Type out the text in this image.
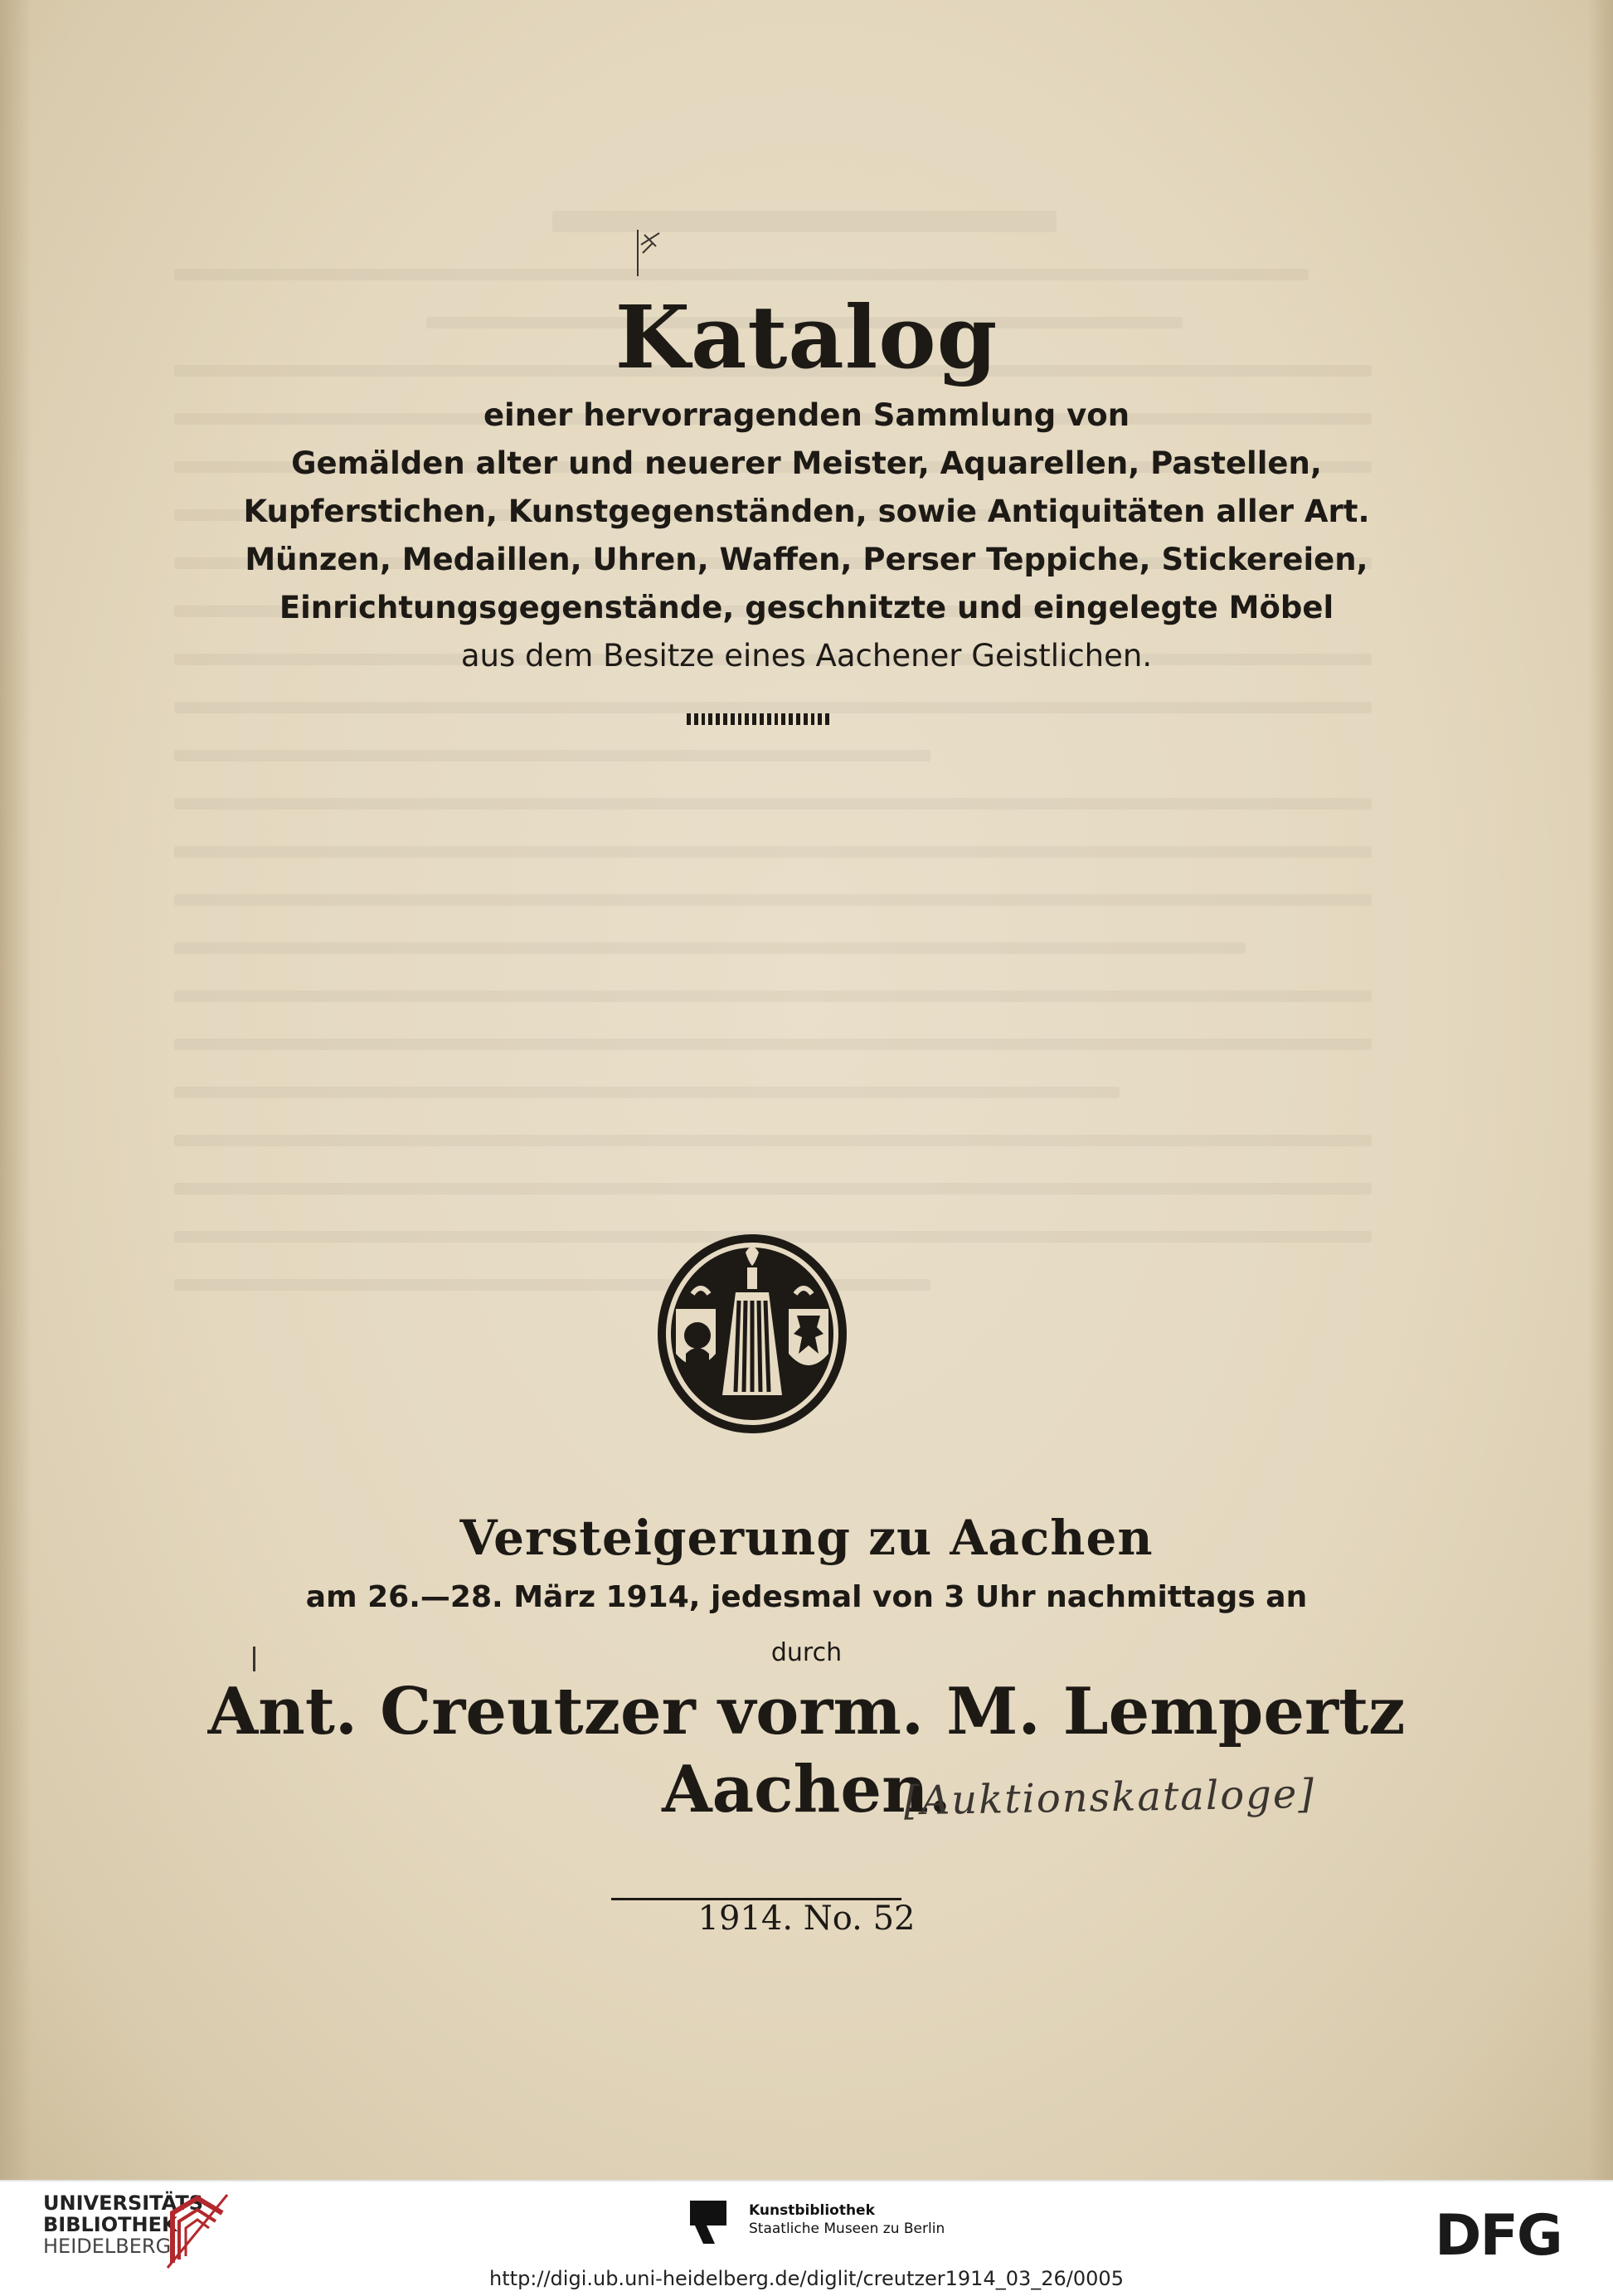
Katalog
einer hervorragenden Sammlung von
Gemälden alter und neuerer Meister, Aquarellen, Pastellen,
Kupferstichen, Kunstgegenständen, sowie Antiquitäten aller Art.
Münzen, Medaillen, Uhren, Waffen, Perser Teppiche, Stickereien,
Einrichtungsgegenstände, geschnitzte und eingelegte Möbel
aus dem Besitze eines Aachener Geistlichen.
Versteigerung zu Aachen
am 26.—28. März 1914, jedesmal von 3 Uhr nachmittags an
durch
Ant. Creutzer vorm. M. Lempertz
Aachen.
[Auktionskataloge]
1914. No. 52
UNIVERSITÄTS-
BIBLIOTHEK
HEIDELBERG
Kunstbibliothek
Staatliche Museen zu Berlin	DFG
http://digi.ub.uni-heidelberg.de/diglit/creutzer1914_03_26/0005
